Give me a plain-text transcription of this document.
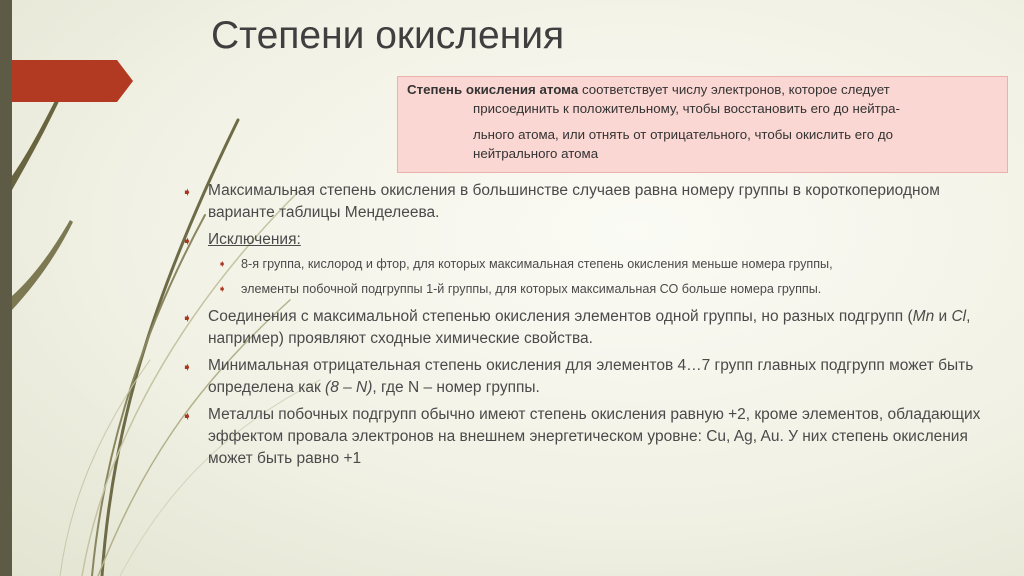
Степени окисления
Степень окисления атома соответствует числу электронов, которое следует
присоединить к положительному, чтобы восстановить его до нейтра-
льного атома, или отнять от отрицательного, чтобы окислить его до
нейтрального атома
➧ Максимальная степень окисления в большинстве случаев равна номеру группы в короткопериодном варианте таблицы Менделеева.
➧ Исключения:
➧ 8-я группа, кислород и фтор, для которых максимальная степень окисления меньше номера группы,
➧ элементы побочной подгруппы 1-й группы, для которых максимальная СО больше номера группы.
➧ Соединения с максимальной степенью окисления элементов одной группы, но разных подгрупп (Mn и Cl, например) проявляют сходные химические свойства.
➧ Минимальная отрицательная степень окисления для элементов 4…7 групп главных подгрупп может быть определена как (8 – N), где N – номер группы.
➧ Металлы побочных подгрупп обычно имеют степень окисления равную +2, кроме элементов, обладающих эффектом провала электронов на внешнем энергетическом уровне: Cu, Ag, Au. У них степень окисления может быть равно +1
